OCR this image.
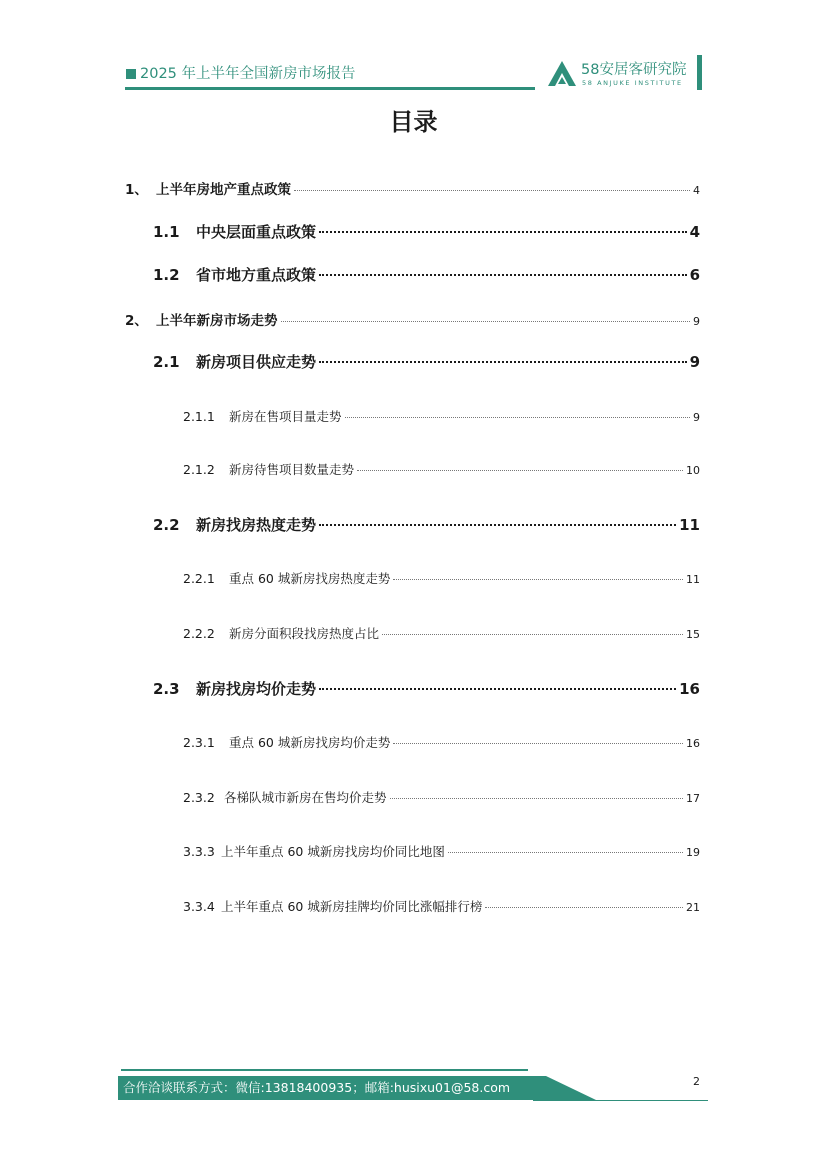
2025 年上半年全国新房市场报告	58安居客研究院
58 ANJUKE INSTITUTE
目录
1、 上半年房地产重点政策	4
1.1	中央层面重点政策	4
1.2	省市地方重点政策	6
2、 上半年新房市场走势	9
2.1	新房项目供应走势	9
2.1.1	新房在售项目量走势	9
2.1.2	新房待售项目数量走势	10
2.2	新房找房热度走势	11
2.2.1	重点 60 城新房找房热度走势	11
2.2.2	新房分面积段找房热度占比	15
2.3	新房找房均价走势	16
2.3.1	重点 60 城新房找房均价走势	16
2.3.2 各梯队城市新房在售均价走势	17
3.3.3 上半年重点 60 城新房找房均价同比地图	19
3.3.4 上半年重点 60 城新房挂牌均价同比涨幅排行榜	21
合作洽谈联系方式：微信:13818400935；邮箱:husixu01@58.com	2
